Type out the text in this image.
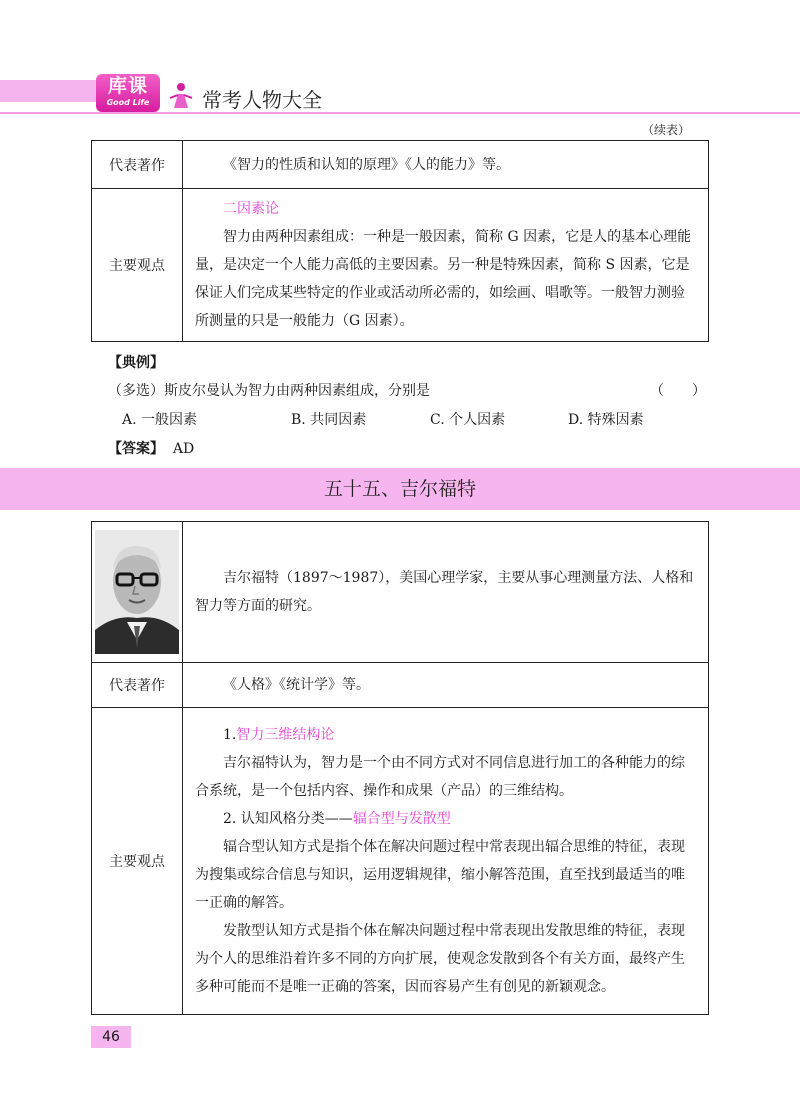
库课
Good Life	常考人物大全
（续表）
代表著作	《智力的性质和认知的原理》《人的能力》等。

主要观点	二因素论

智力由两种因素组成：一种是一般因素，简称 G 因素，它是人的基本心理能量，是决定一个人能力高低的主要因素。另一种是特殊因素，简称 S 因素，它是保证人们完成某些特定的作业或活动所必需的，如绘画、唱歌等。一般智力测验所测量的只是一般能力（G 因素）。

【典例】
（多选）斯皮尔曼认为智力由两种因素组成，分别是	（　　）
A. 一般因素	B. 共同因素	C. 个人因素	D. 特殊因素
【答案】 AD
五十五、吉尔福特

吉尔福特（1897～1987），美国心理学家，主要从事心理测量方法、人格和智力等方面的研究。

代表著作	《人格》《统计学》等。

主要观点	1.智力三维结构论

吉尔福特认为，智力是一个由不同方式对不同信息进行加工的各种能力的综合系统，是一个包括内容、操作和成果（产品）的三维结构。

2. 认知风格分类——辐合型与发散型

辐合型认知方式是指个体在解决问题过程中常表现出辐合思维的特征，表现为搜集或综合信息与知识，运用逻辑规律，缩小解答范围，直至找到最适当的唯一正确的解答。

发散型认知方式是指个体在解决问题过程中常表现出发散思维的特征，表现为个人的思维沿着许多不同的方向扩展，使观念发散到各个有关方面，最终产生多种可能而不是唯一正确的答案，因而容易产生有创见的新颖观念。

46
